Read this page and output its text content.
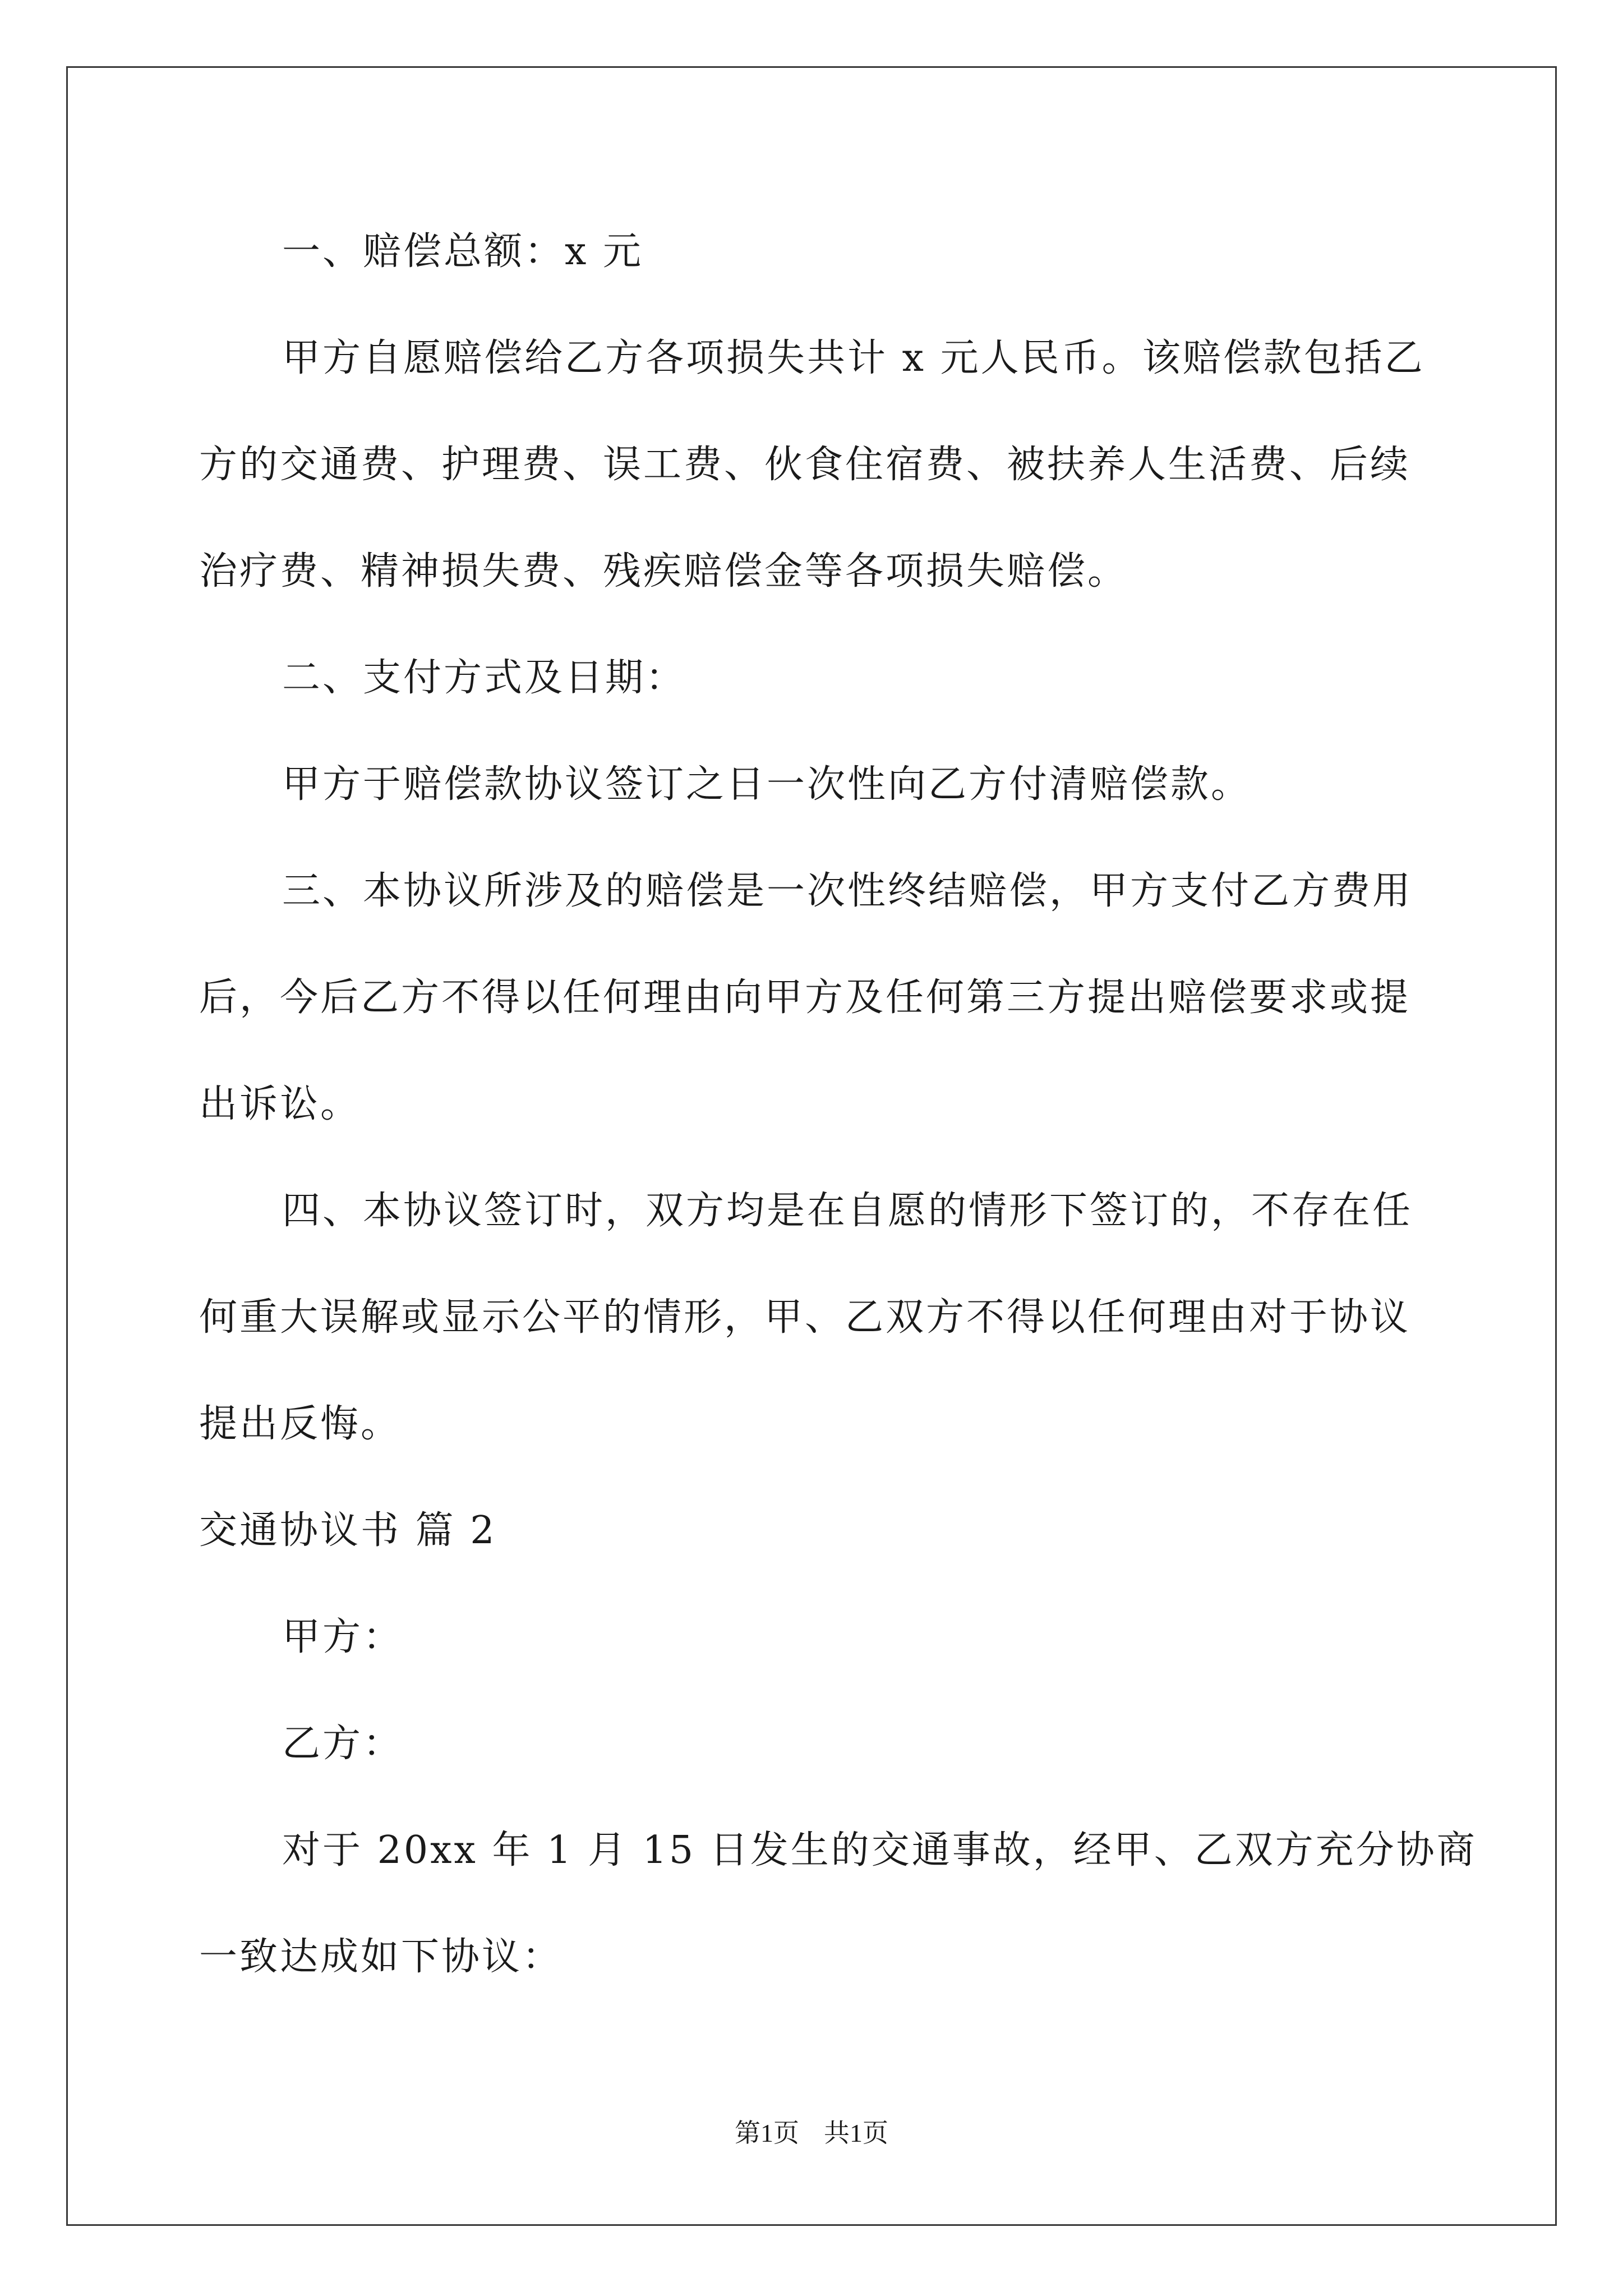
一、赔偿总额：x 元
甲方自愿赔偿给乙方各项损失共计 x 元人民币。该赔偿款包括乙
方的交通费、护理费、误工费、伙食住宿费、被扶养人生活费、后续
治疗费、精神损失费、残疾赔偿金等各项损失赔偿。
二、支付方式及日期：
甲方于赔偿款协议签订之日一次性向乙方付清赔偿款。
三、本协议所涉及的赔偿是一次性终结赔偿，甲方支付乙方费用
后，今后乙方不得以任何理由向甲方及任何第三方提出赔偿要求或提
出诉讼。
四、本协议签订时，双方均是在自愿的情形下签订的，不存在任
何重大误解或显示公平的情形，甲、乙双方不得以任何理由对于协议
提出反悔。
交通协议书 篇 2
甲方：
乙方：
对于 20xx 年 1 月 15 日发生的交通事故，经甲、乙双方充分协商
一致达成如下协议：
第1页 共1页
